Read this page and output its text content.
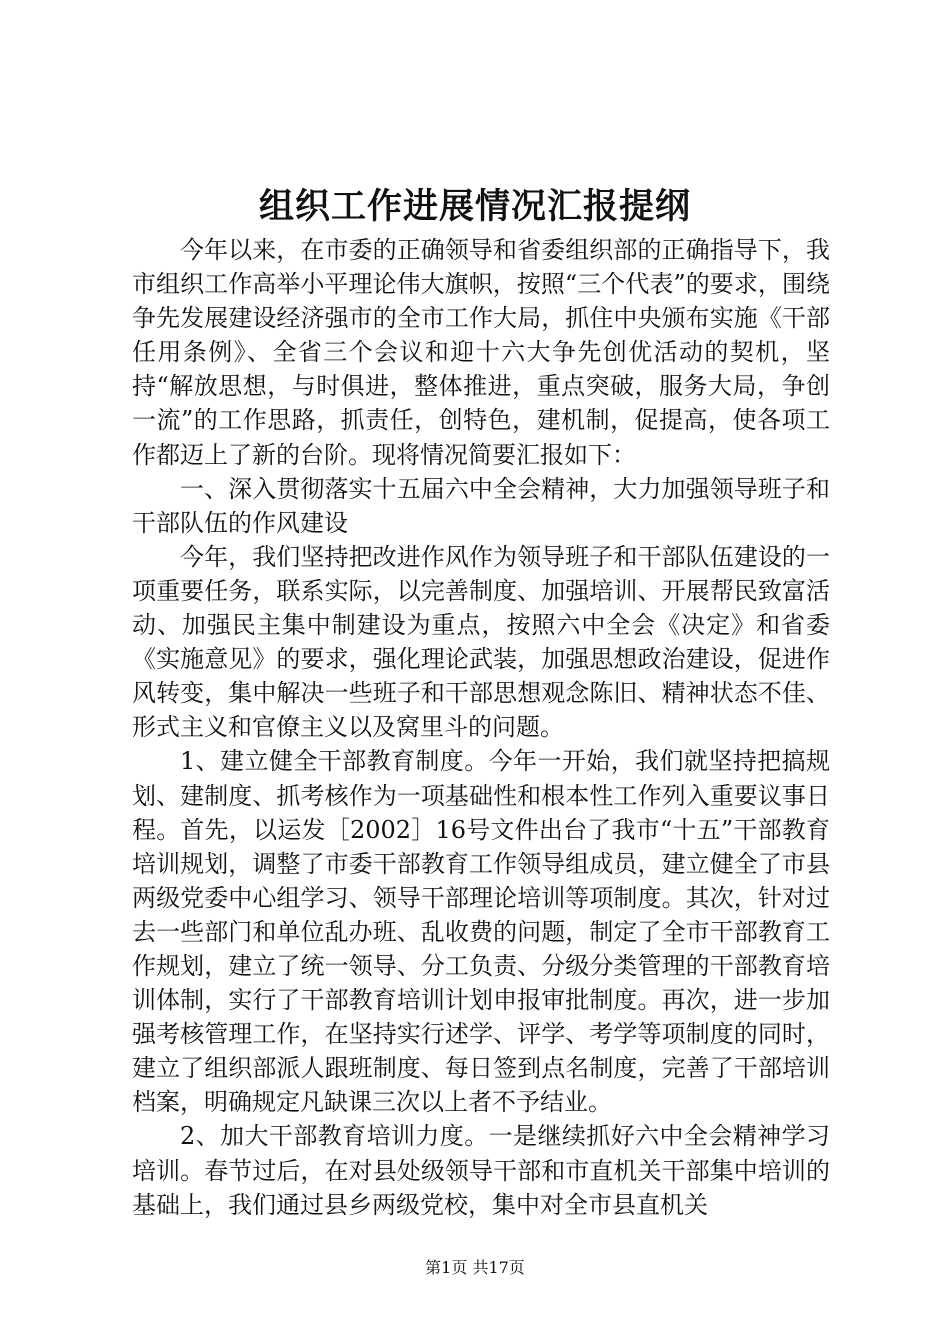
组织工作进展情况汇报提纲

今年以来，在市委的正确领导和省委组织部的正确指导下，我市组织工作高举小平理论伟大旗帜，按照“三个代表”的要求，围绕争先发展建设经济强市的全市工作大局，抓住中央颁布实施《干部任用条例》、全省三个会议和迎十六大争先创优活动的契机，坚持“解放思想，与时俱进，整体推进，重点突破，服务大局，争创一流”的工作思路，抓责任，创特色，建机制，促提高，使各项工作都迈上了新的台阶。现将情况简要汇报如下：

一、深入贯彻落实十五届六中全会精神，大力加强领导班子和干部队伍的作风建设

今年，我们坚持把改进作风作为领导班子和干部队伍建设的一项重要任务，联系实际，以完善制度、加强培训、开展帮民致富活动、加强民主集中制建设为重点，按照六中全会《决定》和省委《实施意见》的要求，强化理论武装，加强思想政治建设，促进作风转变，集中解决一些班子和干部思想观念陈旧、精神状态不佳、形式主义和官僚主义以及窝里斗的问题。

1、建立健全干部教育制度。今年一开始，我们就坚持把搞规划、建制度、抓考核作为一项基础性和根本性工作列入重要议事日程。首先，以运发［2002］16号文件出台了我市“十五”干部教育培训规划，调整了市委干部教育工作领导组成员，建立健全了市县两级党委中心组学习、领导干部理论培训等项制度。其次，针对过去一些部门和单位乱办班、乱收费的问题，制定了全市干部教育工作规划，建立了统一领导、分工负责、分级分类管理的干部教育培训体制，实行了干部教育培训计划申报审批制度。再次，进一步加强考核管理工作，在坚持实行述学、评学、考学等项制度的同时，建立了组织部派人跟班制度、每日签到点名制度，完善了干部培训档案，明确规定凡缺课三次以上者不予结业。

2、加大干部教育培训力度。一是继续抓好六中全会精神学习培训。春节过后，在对县处级领导干部和市直机关干部集中培训的基础上，我们通过县乡两级党校，集中对全市县直机关

第1页 共17页
